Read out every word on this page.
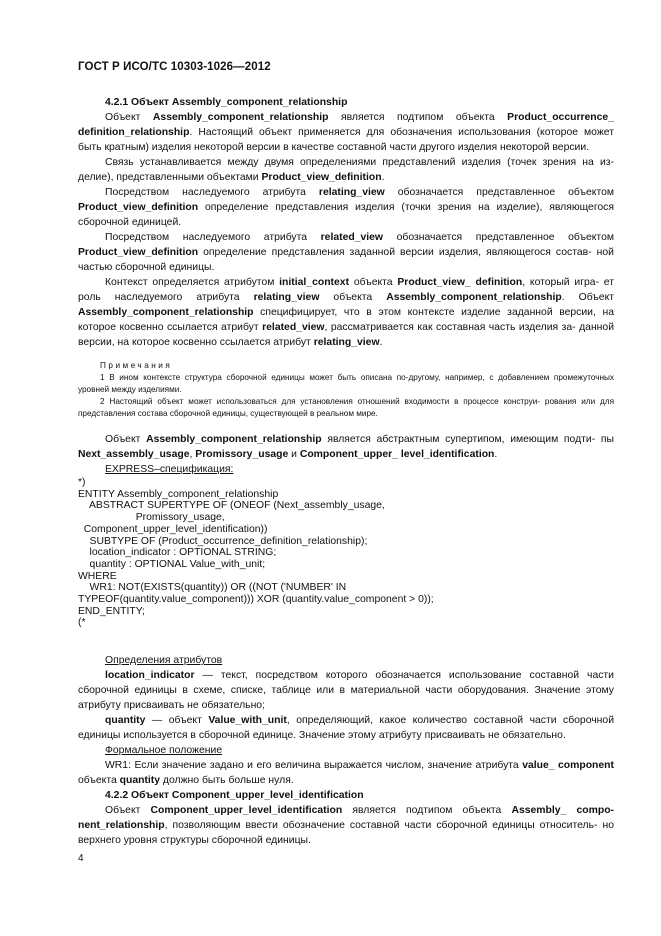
ГОСТ Р ИСО/ТС 10303-1026—2012
4.2.1 Объект Assembly_component_relationship

Объект Assembly_component_relationship является подтипом объекта Product_occurrence_ definition_relationship. Настоящий объект применяется для обозначения использования (которое может быть кратным) изделия некоторой версии в качестве составной части другого изделия некоторой версии.

Связь устанавливается между двумя определениями представлений изделия (точек зрения на из- делие), представленными объектами Product_view_definition.

Посредством наследуемого атрибута relating_view обозначается представленное объектом Product_view_definition определение представления изделия (точки зрения на изделие), являющегося сборочной единицей.

Посредством наследуемого атрибута related_view обозначается представленное объектом Product_view_definition определение представления заданной версии изделия, являющегося состав- ной частью сборочной единицы.

Контекст определяется атрибутом initial_context объекта Product_view_ definition, который игра- ет роль наследуемого атрибута relating_view объекта Assembly_component_relationship. Объект Assembly_component_relationship специфицирует, что в этом контексте изделие заданной версии, на которое косвенно ссылается атрибут related_view, рассматривается как составная часть изделия за- данной версии, на которое косвенно ссылается атрибут relating_view.

Примечания

1 В ином контексте структура сборочной единицы может быть описана по-другому, например, с добавлением промежуточных уровней между изделиями.

2 Настоящий объект может использоваться для установления отношений входимости в процессе конструи- рования или для представления состава сборочной единицы, существующей в реальном мире.

Объект Assembly_component_relationship является абстрактным супертипом, имеющим подти- пы Next_assembly_usage, Promissory_usage и Component_upper_ level_identification.

EXPRESS–спецификация:

*)
ENTITY Assembly_component_relationship
ABSTRACT SUPERTYPE OF (ONEOF (Next_assembly_usage,
Promissory_usage,
Component_upper_level_identification))
SUBTYPE OF (Product_occurrence_definition_relationship);
location_indicator : OPTIONAL STRING;
quantity : OPTIONAL Value_with_unit;
WHERE
WR1: NOT(EXISTS(quantity)) OR ((NOT ('NUMBER' IN
TYPEOF(quantity.value_component))) XOR (quantity.value_component > 0));
END_ENTITY;
(*

Определения атрибутов

location_indicator — текст, посредством которого обозначается использование составной части сборочной единицы в схеме, списке, таблице или в материальной части оборудования. Значение этому атрибуту присваивать не обязательно;

quantity — объект Value_with_unit, определяющий, какое количество составной части сборочной единицы используется в сборочной единице. Значение этому атрибуту присваивать не обязательно.

Формальное положение

WR1: Если значение задано и его величина выражается числом, значение атрибута value_ component объекта quantity должно быть больше нуля.

4.2.2 Объект Component_upper_level_identification

Объект Component_upper_level_identification является подтипом объекта Assembly_ compo- nent_relationship, позволяющим ввести обозначение составной части сборочной единицы относитель- но верхнего уровня структуры сборочной единицы.

4
